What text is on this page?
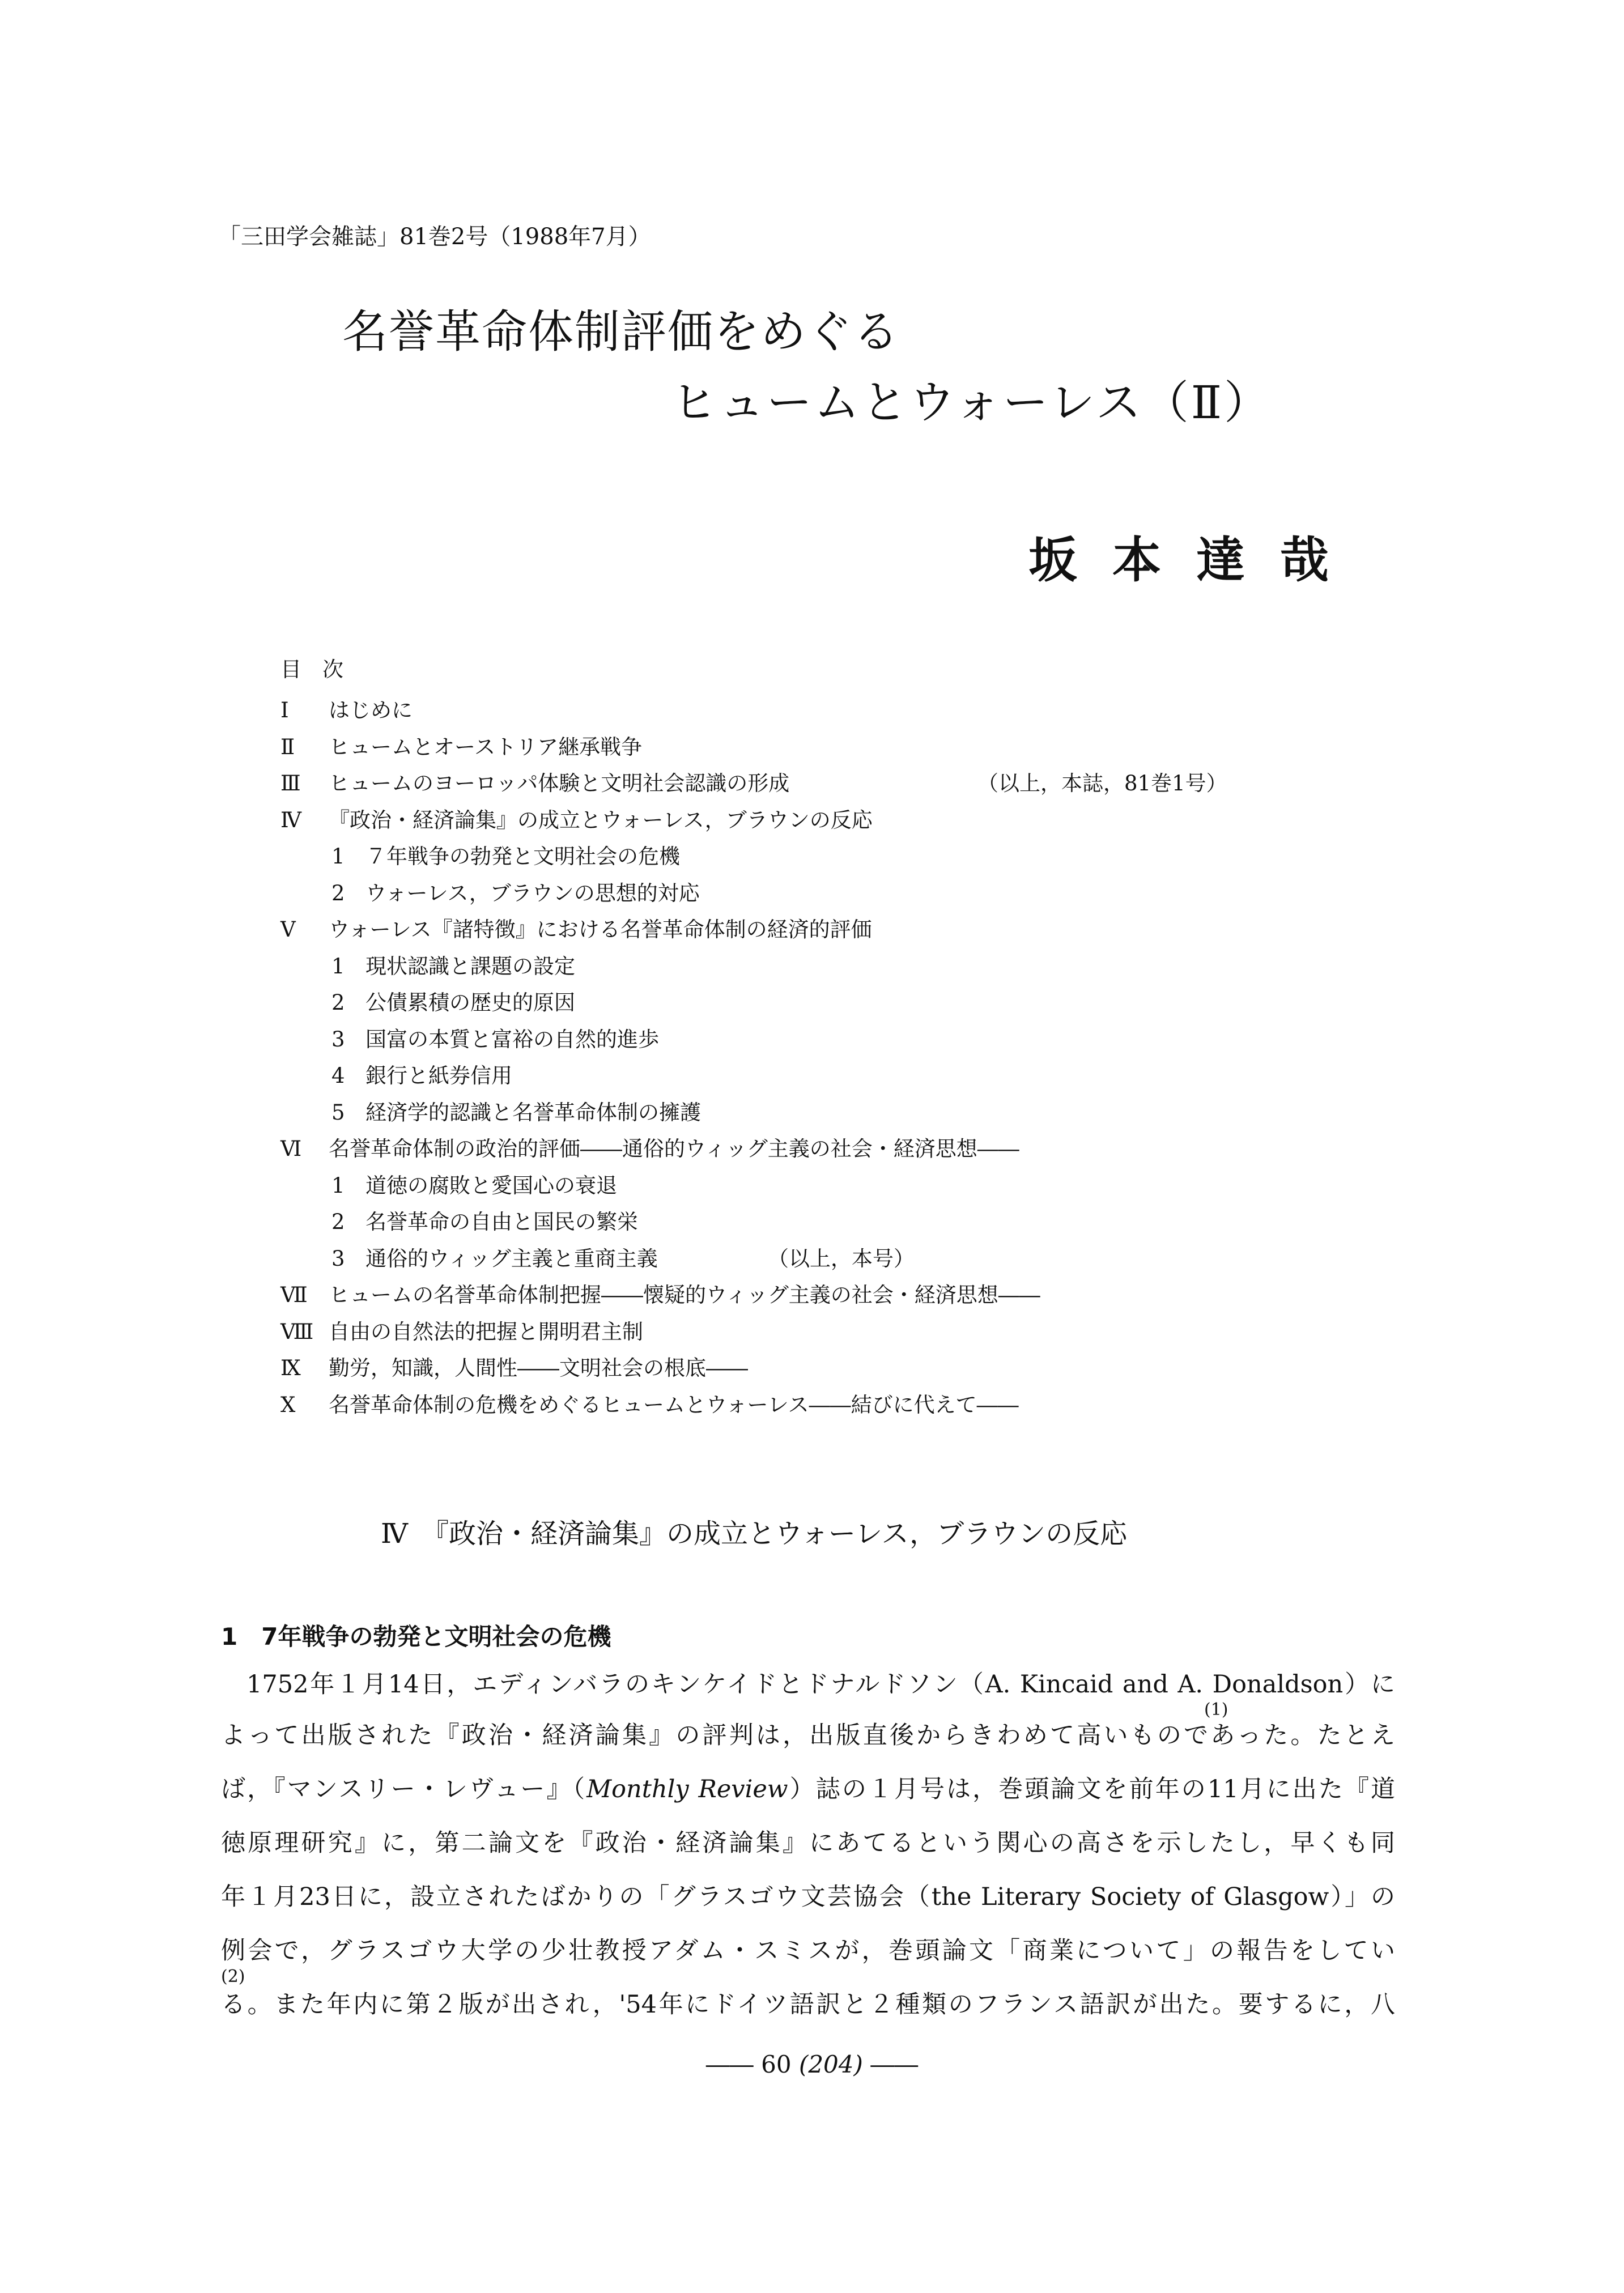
「三田学会雑誌」81巻2号（1988年7月）
名誉革命体制評価をめぐる
ヒュームとウォーレス（Ⅱ）
坂本達哉
目　次
Ⅰ はじめに
Ⅱ ヒュームとオーストリア継承戦争
Ⅲ ヒュームのヨーロッパ体験と文明社会認識の形成	（以上，本誌，81巻1号）
Ⅳ 『政治・経済論集』の成立とウォーレス，ブラウンの反応
1 ７年戦争の勃発と文明社会の危機
2 ウォーレス，ブラウンの思想的対応
Ⅴ ウォーレス『諸特徴』における名誉革命体制の経済的評価
1 現状認識と課題の設定
2 公債累積の歴史的原因
3 国富の本質と富裕の自然的進歩
4 銀行と紙券信用
5 経済学的認識と名誉革命体制の擁護
Ⅵ 名誉革命体制の政治的評価――通俗的ウィッグ主義の社会・経済思想――
1 道徳の腐敗と愛国心の衰退
2 名誉革命の自由と国民の繁栄
3 通俗的ウィッグ主義と重商主義	（以上，本号）
Ⅶ ヒュームの名誉革命体制把握――懐疑的ウィッグ主義の社会・経済思想――
Ⅷ 自由の自然法的把握と開明君主制
Ⅸ 勤労，知識，人間性――文明社会の根底――
Ⅹ 名誉革命体制の危機をめぐるヒュームとウォーレス――結びに代えて――
Ⅳ　『政治・経済論集』の成立とウォーレス，ブラウンの反応
1　7年戦争の勃発と文明社会の危機
1752年１月14日，エディンバラのキンケイドとドナルドソン（A. Kincaid and A. Donaldson）に
(1)
よって出版された『政治・経済論集』の評判は，出版直後からきわめて高いものであった。たとえ
ば，『マンスリー・レヴュー』（Monthly Review）誌の１月号は，巻頭論文を前年の11月に出た『道
徳原理研究』に，第二論文を『政治・経済論集』にあてるという関心の高さを示したし，早くも同
年１月23日に，設立されたばかりの「グラスゴウ文芸協会（the Literary Society of Glasgow）」の
例会で，グラスゴウ大学の少壮教授アダム・スミスが，巻頭論文「商業について」の報告をしてい
(2)
る。また年内に第２版が出され，'54年にドイツ語訳と２種類のフランス語訳が出た。要するに，八
―― 60 (204) ――
